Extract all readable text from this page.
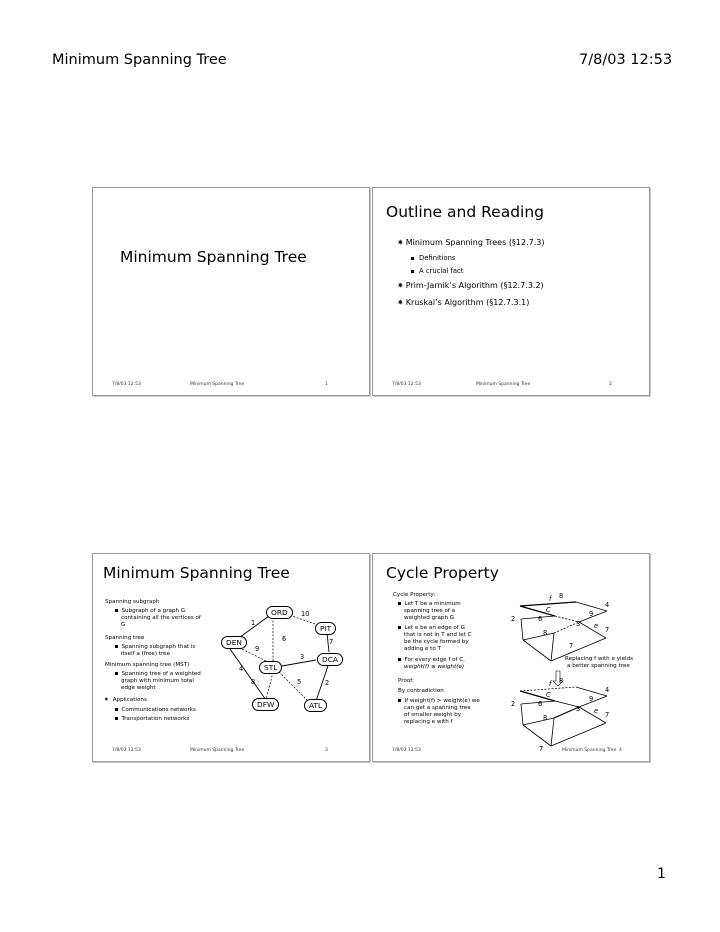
Minimum Spanning Tree	7/8/03 12:53
Minimum Spanning Tree
7/8/03 12:53	Minimum Spanning Tree	1
Outline and Reading
✷ Minimum Spanning Trees (§12.7.3)
Definitions
A crucial fact
✷ Prim-Jarnik’s Algorithm (§12.7.3.2)
✷ Kruskal’s Algorithm (§12.7.3.1)
7/8/03 12:53	Minimum Spanning Tree	2
Minimum Spanning Tree
Spanning subgraph
Subgraph of a graph G
containing all the vertices of
G
Spanning tree
Spanning subgraph that is
itself a (free) tree
Minimum spanning tree (MST)
Spanning tree of a weighted
graph with minimum total
edge weight
✷ Applications
Communications networks
Transportation networks
ORD
PIT
DEN
STL
DCA
DFW	ATL
10
1
6
9
7
3
4
8	5	2
7/8/03 12:53	Minimum Spanning Tree	3
Cycle Property
Cycle Property:
Let T be a minimum
spanning tree of a
weighted graph G
Let e be an edge of G
that is not in T and let C
be the cycle formed by
adding e to T
For every edge f of C,
weight(f) ≤ weight(e)
Proof:
By contradiction
If weight(f) > weight(e) we
can get a spanning tree
of smaller weight by
replacing e with f
f 8
4
C	9
2	6
3 e
8	7
7
Replacing f with e yields
a better spanning tree
f 8
4
C	9
2	6
3 e
8	7
7
7/8/03 12:53	Minimum Spanning Tree 4
1
